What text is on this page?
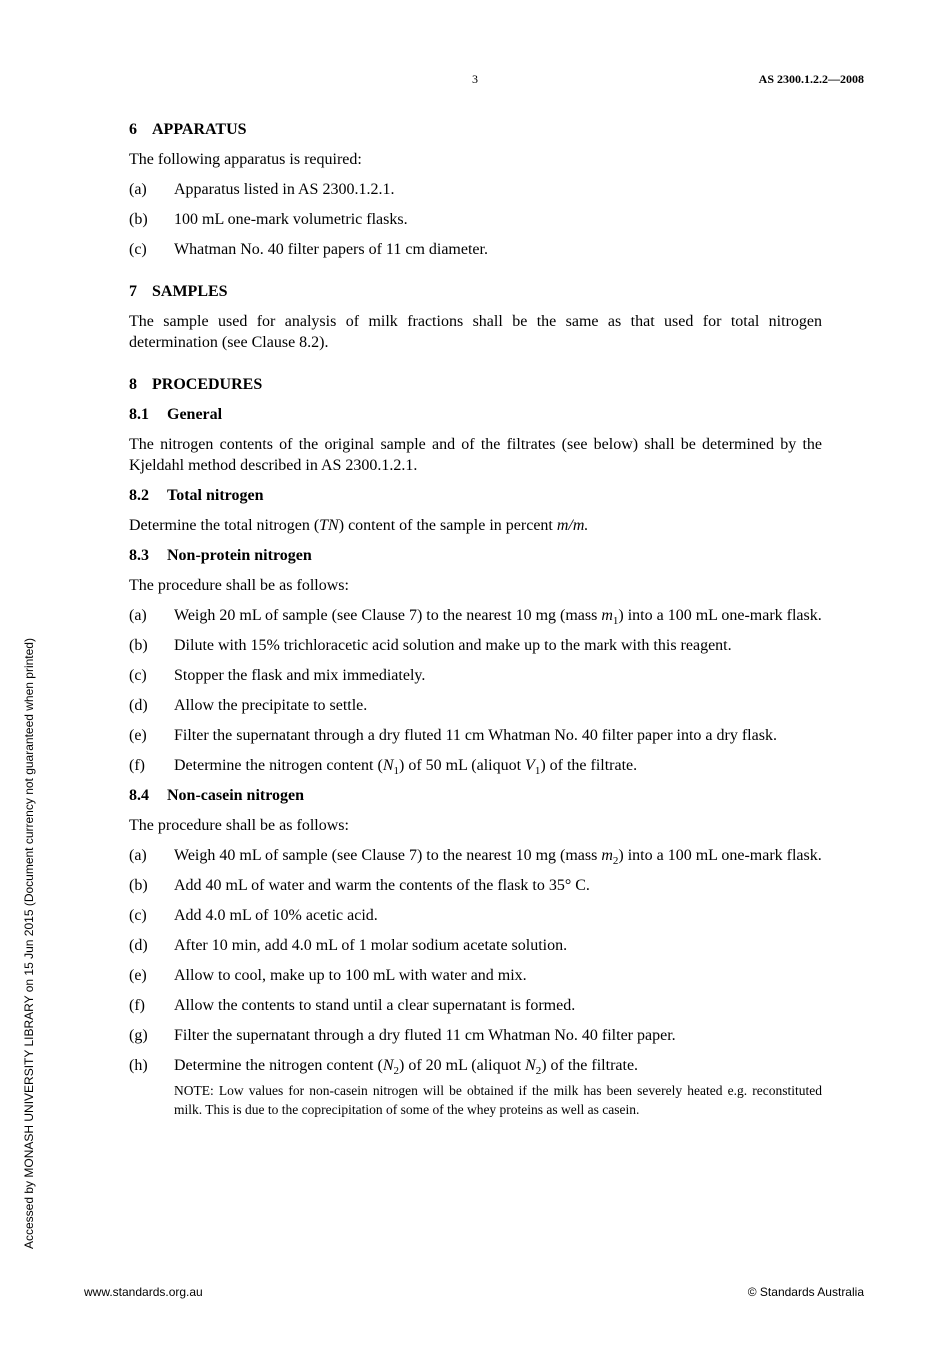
3	AS 2300.1.2.2—2008
Accessed by MONASH UNIVERSITY LIBRARY on 15 Jun 2015 (Document currency not guaranteed when printed)
6 APPARATUS
The following apparatus is required:
(a)	Apparatus listed in AS 2300.1.2.1.
(b)	100 mL one-mark volumetric flasks.
(c)	Whatman No. 40 filter papers of 11 cm diameter.
7 SAMPLES
The sample used for analysis of milk fractions shall be the same as that used for total nitrogen determination (see Clause 8.2).
8 PROCEDURES
8.1 General
The nitrogen contents of the original sample and of the filtrates (see below) shall be determined by the Kjeldahl method described in AS 2300.1.2.1.
8.2 Total nitrogen
Determine the total nitrogen (TN) content of the sample in percent m/m.
8.3 Non-protein nitrogen
The procedure shall be as follows:
(a)	Weigh 20 mL of sample (see Clause 7) to the nearest 10 mg (mass $m_1$) into a 100 mL one-mark flask.
(b)	Dilute with 15% trichloracetic acid solution and make up to the mark with this reagent.
(c)	Stopper the flask and mix immediately.
(d)	Allow the precipitate to settle.
(e)	Filter the supernatant through a dry fluted 11 cm Whatman No. 40 filter paper into a dry flask.
(f)	Determine the nitrogen content $(N_1)$ of 50 mL (aliquot $V_1$) of the filtrate.
8.4 Non-casein nitrogen
The procedure shall be as follows:
(a)	Weigh 40 mL of sample (see Clause 7) to the nearest 10 mg (mass $m_2$) into a 100 mL one-mark flask.
(b)	Add 40 mL of water and warm the contents of the flask to 35° C.
(c)	Add 4.0 mL of 10% acetic acid.
(d)	After 10 min, add 4.0 mL of 1 molar sodium acetate solution.
(e)	Allow to cool, make up to 100 mL with water and mix.
(f)	Allow the contents to stand until a clear supernatant is formed.
(g)	Filter the supernatant through a dry fluted 11 cm Whatman No. 40 filter paper.
(h)	Determine the nitrogen content $(N_2)$ of 20 mL (aliquot $N_2$) of the filtrate.
NOTE: Low values for non-casein nitrogen will be obtained if the milk has been severely heated e.g. reconstituted milk. This is due to the coprecipitation of some of the whey proteins as well as casein.
www.standards.org.au	© Standards Australia
